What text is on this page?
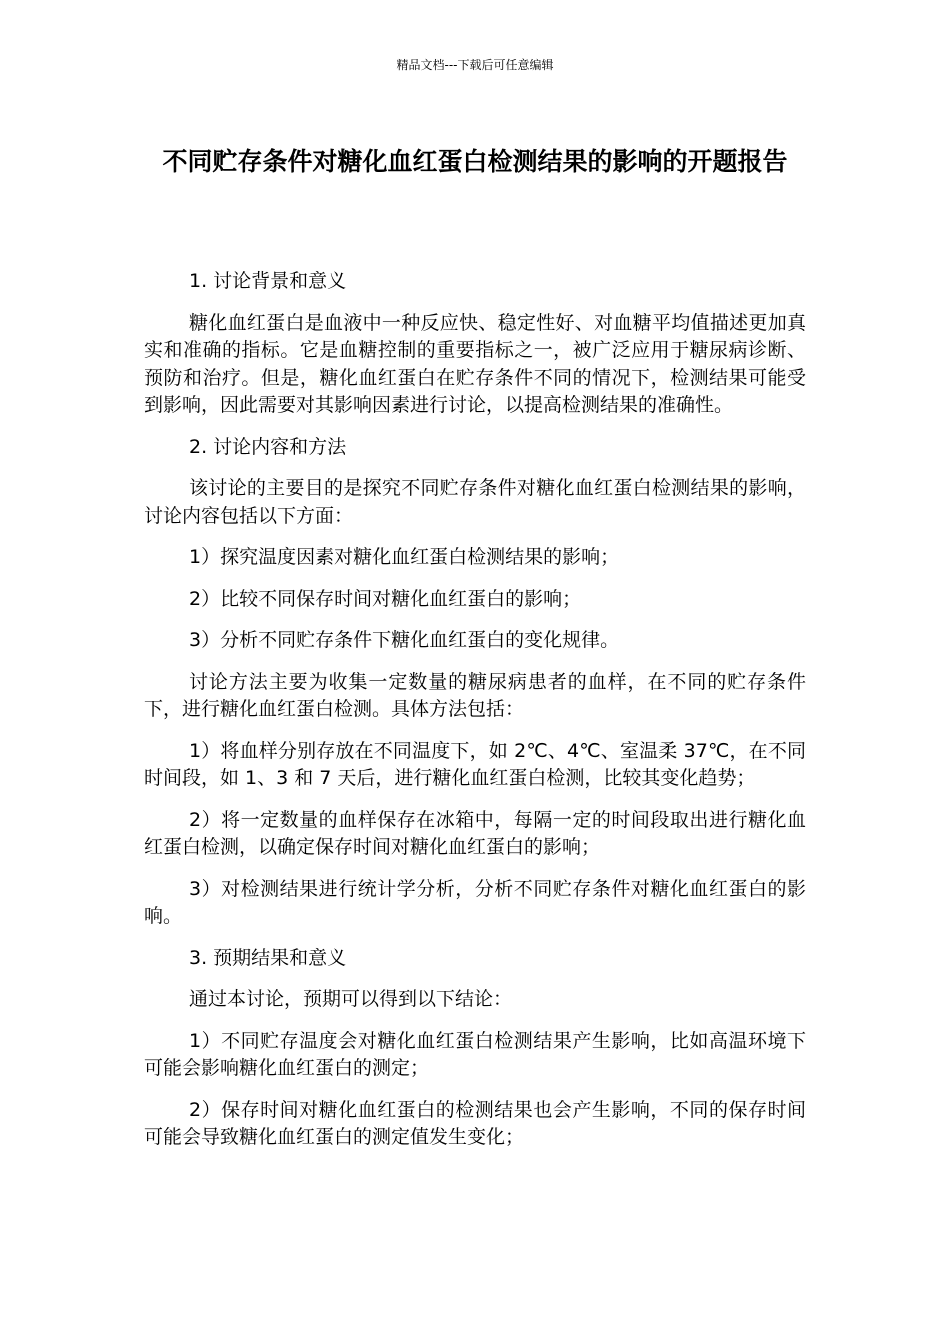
精品文档---下载后可任意编辑
不同贮存条件对糖化血红蛋白检测结果的影响的开题报告

1. 讨论背景和意义

糖化血红蛋白是血液中一种反应快、稳定性好、对血糖平均值描述更加真实和准确的指标。它是血糖控制的重要指标之一，被广泛应用于糖尿病诊断、预防和治疗。但是，糖化血红蛋白在贮存条件不同的情况下，检测结果可能受到影响，因此需要对其影响因素进行讨论，以提高检测结果的准确性。

2. 讨论内容和方法

该讨论的主要目的是探究不同贮存条件对糖化血红蛋白检测结果的影响，讨论内容包括以下方面：

1）探究温度因素对糖化血红蛋白检测结果的影响；

2）比较不同保存时间对糖化血红蛋白的影响；

3）分析不同贮存条件下糖化血红蛋白的变化规律。

讨论方法主要为收集一定数量的糖尿病患者的血样，在不同的贮存条件下，进行糖化血红蛋白检测。具体方法包括：

1）将血样分别存放在不同温度下，如 2℃、4℃、室温柔 37℃，在不同时间段，如 1、3 和 7 天后，进行糖化血红蛋白检测，比较其变化趋势；

2）将一定数量的血样保存在冰箱中，每隔一定的时间段取出进行糖化血红蛋白检测，以确定保存时间对糖化血红蛋白的影响；

3）对检测结果进行统计学分析，分析不同贮存条件对糖化血红蛋白的影响。

3. 预期结果和意义

通过本讨论，预期可以得到以下结论：

1）不同贮存温度会对糖化血红蛋白检测结果产生影响，比如高温环境下可能会影响糖化血红蛋白的测定；

2）保存时间对糖化血红蛋白的检测结果也会产生影响，不同的保存时间可能会导致糖化血红蛋白的测定值发生变化；
